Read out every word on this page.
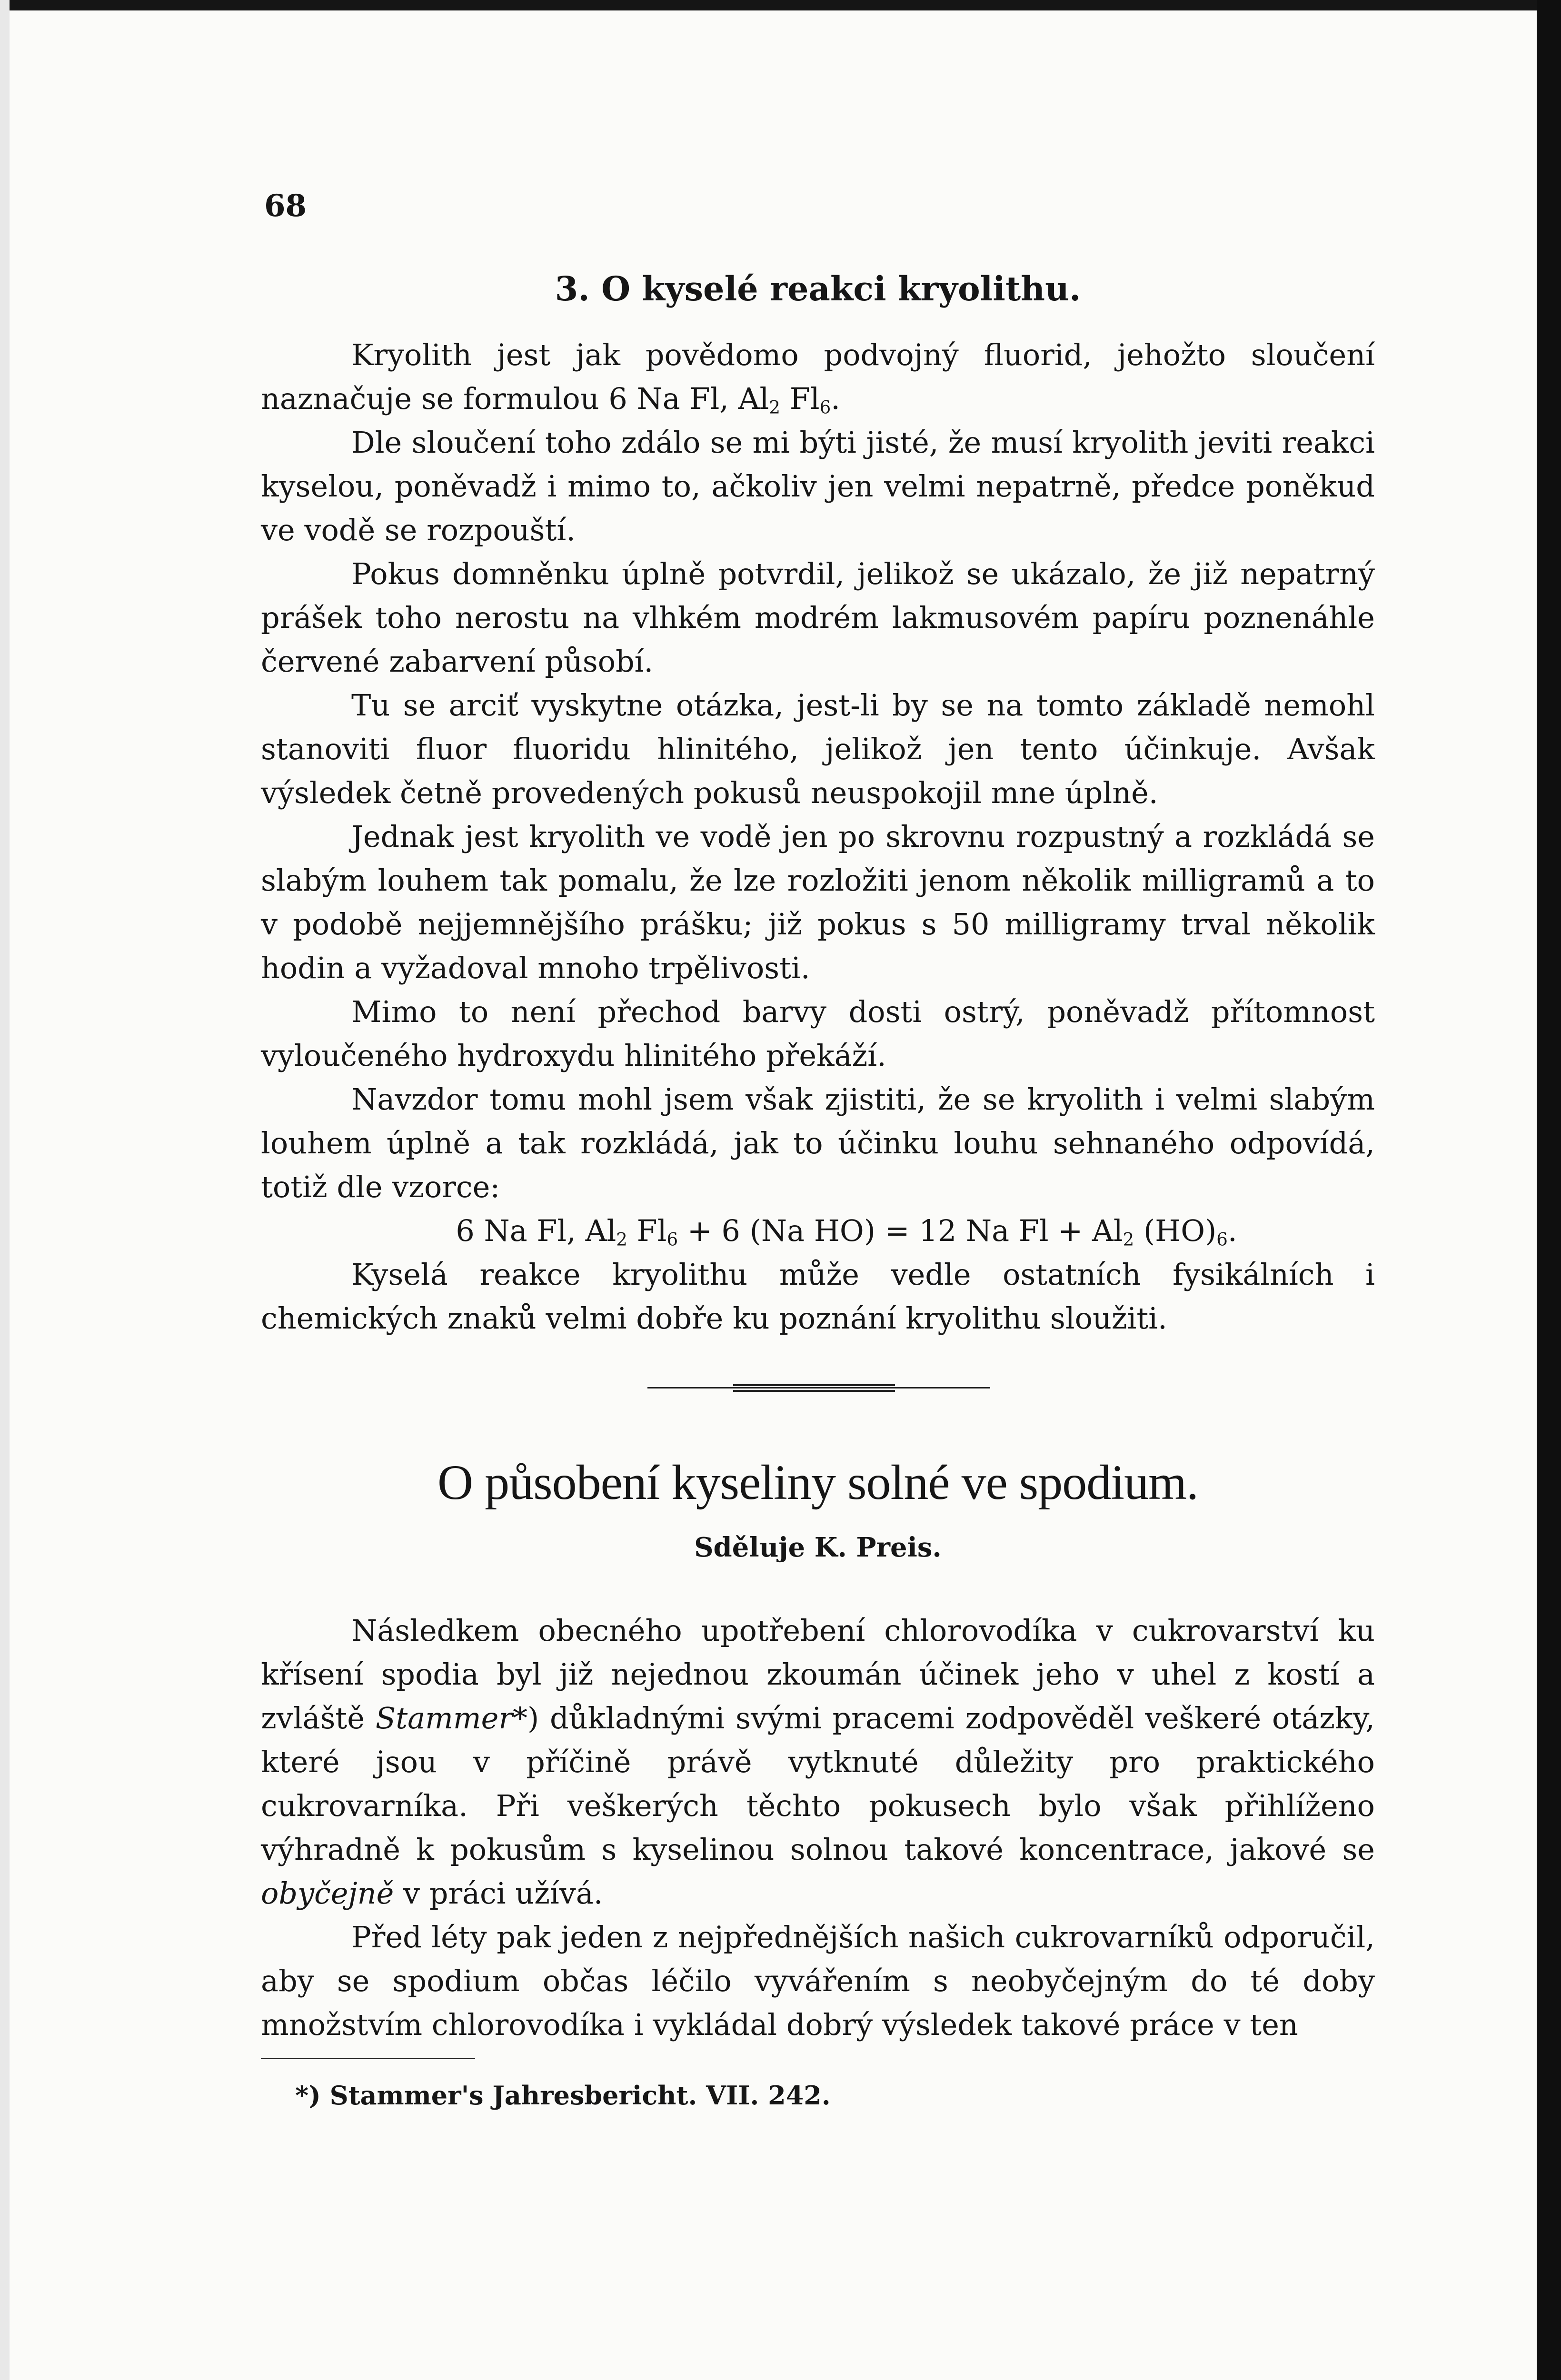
68
3. O kyselé reakci kryolithu.

Kryolith jest jak povědomo podvojný fluorid, jehožto sloučení naznačuje se formulou 6 Na Fl, $Al_2$ $Fl_6$.

Dle sloučení toho zdálo se mi býti jisté, že musí kryolith jeviti reakci kyselou, poněvadž i mimo to, ačkoliv jen velmi nepatrně, předce poněkud ve vodě se rozpouští.

Pokus domněnku úplně potvrdil, jelikož se ukázalo, že již nepatrný prášek toho nerostu na vlhkém modrém lakmusovém papíru poznenáhle červené zabarvení působí.

Tu se arciť vyskytne otázka, jest-li by se na tomto základě nemohl stanoviti fluor fluoridu hlinitého, jelikož jen tento účinkuje. Avšak výsledek četně provedených pokusů neuspokojil mne úplně.

Jednak jest kryolith ve vodě jen po skrovnu rozpustný a rozkládá se slabým louhem tak pomalu, že lze rozložiti jenom několik milligramů a to v podobě nejjemnějšího prášku; již pokus s 50 milligramy trval několik hodin a vyžadoval mnoho trpělivosti.

Mimo to není přechod barvy dosti ostrý, poněvadž přítomnost vyloučeného hydroxydu hlinitého překáží.

Navzdor tomu mohl jsem však zjistiti, že se kryolith i velmi slabým louhem úplně a tak rozkládá, jak to účinku louhu sehnaného odpovídá, totiž dle vzorce:

6 Na Fl, $Al_2$ $Fl_6 + 6$ (Na HO) = 12 Na $Fl + Al_2$ $(HO)_6$.

Kyselá reakce kryolithu může vedle ostatních fysikálních i chemických znaků velmi dobře ku poznání kryolithu sloužiti.

O působení kyseliny solné ve spodium.
Sděluje K. Preis.

Následkem obecného upotřebení chlorovodíka v cukrovarství ku křísení spodia byl již nejednou zkoumán účinek jeho v uhel z kostí a zvláště Stammer*) důkladnými svými pracemi zodpověděl veškeré otázky, které jsou v příčině právě vytknuté důležity pro praktického cukrovarníka. Při veškerých těchto pokusech bylo však přihlíženo výhradně k pokusům s kyselinou solnou takové koncentrace, jakové se obyčejně v práci užívá.

Před léty pak jeden z nejpřednějších našich cukrovarníků odporučil, aby se spodium občas léčilo vyvářením s neobyčejným do té doby množstvím chlorovodíka i vykládal dobrý výsledek takové práce v ten

*) Stammer's Jahresbericht. VII. 242.
